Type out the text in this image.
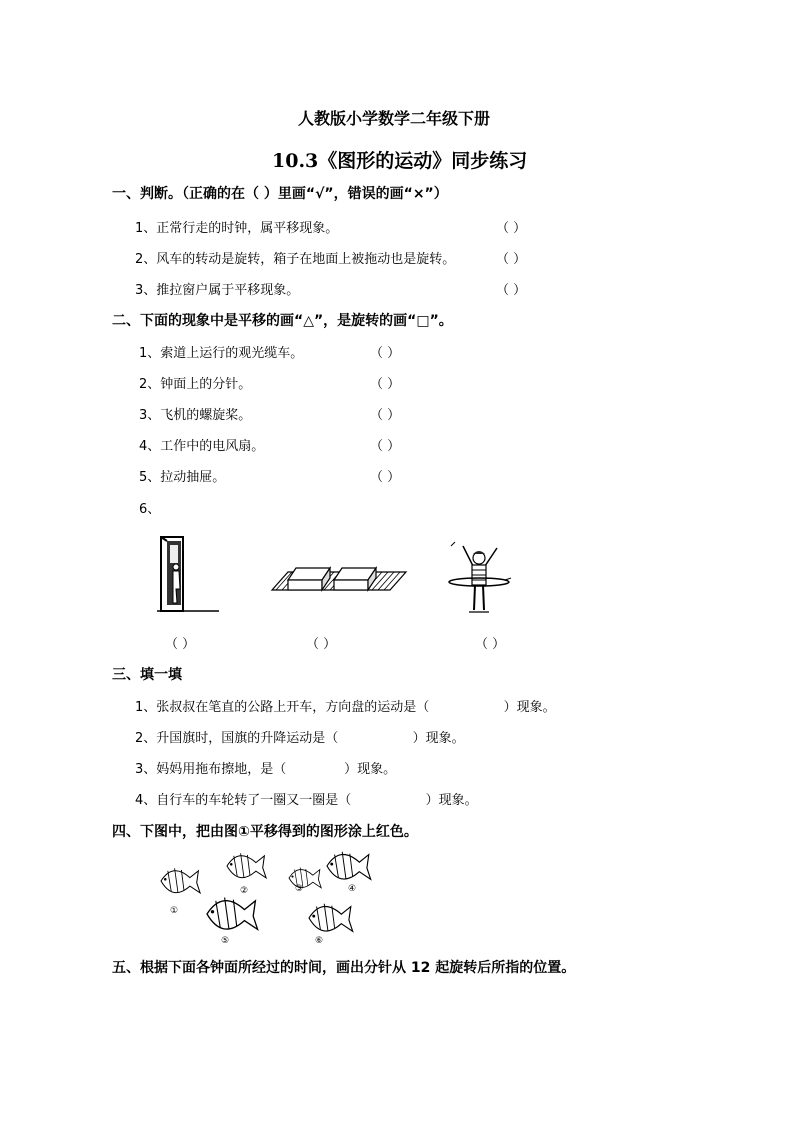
人教版小学数学二年级下册
10.3《图形的运动》同步练习
一、判断。（正确的在（ ）里画“√”，错误的画“×”）
1、正常行走的时钟，属平移现象。	（ ）
2、风车的转动是旋转，箱子在地面上被拖动也是旋转。	（ ）
3、推拉窗户属于平移现象。	（ ）
二、下面的现象中是平移的画“△”，是旋转的画“□”。
1、索道上运行的观光缆车。	（ ）
2、钟面上的分针。	（ ）
3、飞机的螺旋桨。	（ ）
4、工作中的电风扇。	（ ）
5、拉动抽屉。	（ ）
6、
（ ）	（ ）	（ ）
三、填一填
1、张叔叔在笔直的公路上开车，方向盘的运动是（	）现象。
2、升国旗时，国旗的升降运动是（	）现象。
3、妈妈用拖布擦地，是（	）现象。
4、自行车的车轮转了一圈又一圈是（	）现象。
四、下图中，把由图①平移得到的图形涂上红色。
①
②
⑤
③	④
⑥
五、根据下面各钟面所经过的时间，画出分针从 12 起旋转后所指的位置。
